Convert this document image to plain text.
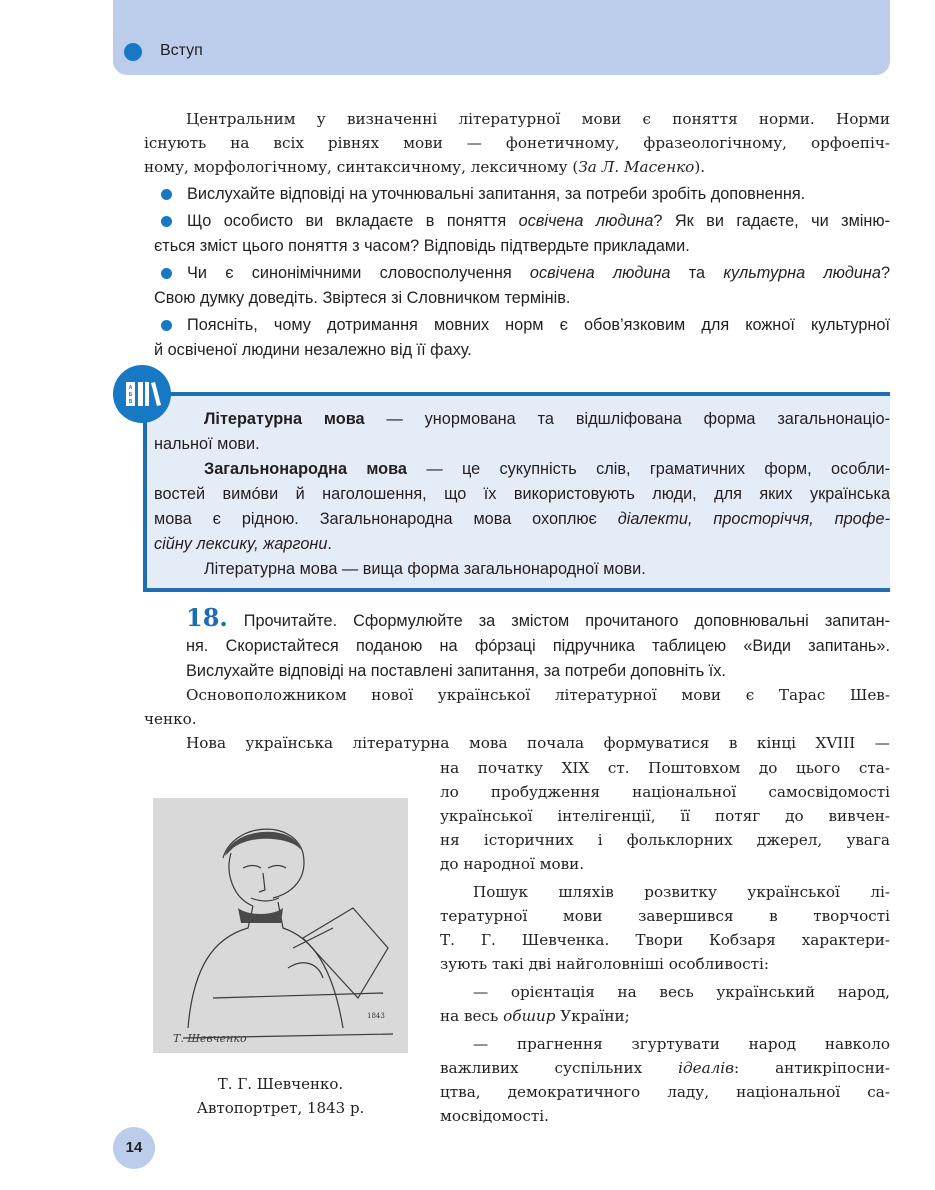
Вступ
Центральним у визначенні літературної мови є поняття норми. Норми
існують на всіх рівнях мови — фонетичному, фразеологічному, орфоепіч-
ному, морфологічному, синтаксичному, лексичному (За Л. Масенко).
Вислухайте відповіді на уточнювальні запитання, за потреби зробіть доповнення.
Що особисто ви вкладаєте в поняття освічена людина? Як ви гадаєте, чи зміню-
ється зміст цього поняття з часом? Відповідь підтвердьте прикладами.
Чи є синонімічними словосполучення освічена людина та культурна людина?
Свою думку доведіть. Звіртеся зі Словничком термінів.
Поясніть, чому дотримання мовних норм є обов’язковим для кожної культурної
й освіченої людини незалежно від її фаху.
А
Б
В
Літературна мова — унормована та відшліфована форма загальнонаціо-
нальної мови.
Загальнонародна мова — це сукупність слів, граматичних форм, особли-
востей вимóви й наголошення, що їх використовують люди, для яких українська
мова є рідною. Загальнонародна мова охоплює діалекти, просторіччя, профе-
сійну лексику, жаргони.
Літературна мова — вища форма загальнонародної мови.
18. Прочитайте. Сформулюйте за змістом прочитаного доповнювальні запитан-
ня. Скористайтеся поданою на фóрзаці підручника таблицею «Види запитань».
Вислухайте відповіді на поставлені запитання, за потреби доповніть їх.
Основоположником нової української літературної мови є Тарас Шев-
ченко.
Нова українська літературна мова почала формуватися в кінці XVIII —
на початку XIX ст. Поштовхом до цього ста-
ло пробудження національної самосвідомості
української інтелігенції, її потяг до вивчен-
ня історичних і фольклорних джерел, увага
до народної мови.
Пошук шляхів розвитку української лі-
тературної мови завершився в творчості
Т. Г. Шевченка. Твори Кобзаря характери-
зують такі дві найголовніші особливості:
— орієнтація на весь український народ,
на весь обшир України;
— прагнення згуртувати народ навколо
важливих суспільних ідеалів: антикріпосни-
цтва, демократичного ладу, національної са-
мосвідомості.
Т. Шевченко
1843
Т. Г. Шевченко.
Автопортрет, 1843 р.
14
